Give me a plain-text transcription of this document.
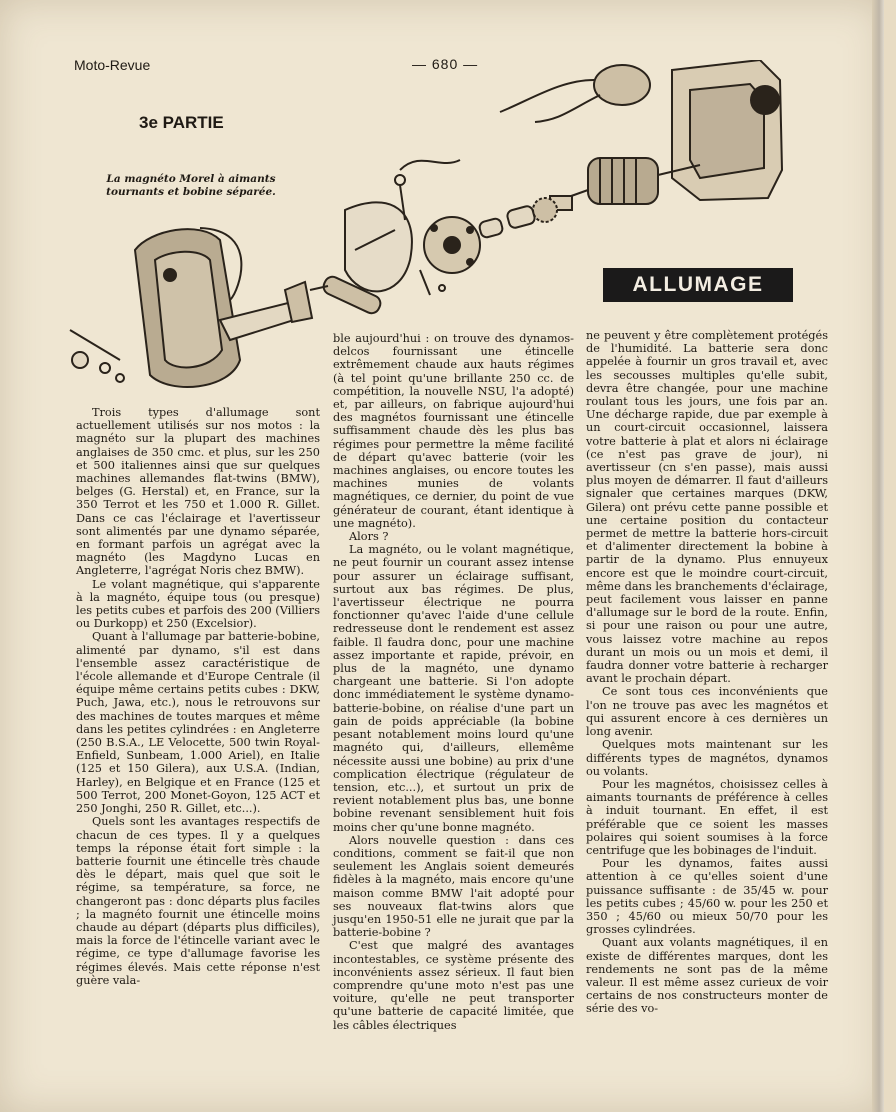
Moto-Revue	— 680 —
3e PARTIE
La magnéto Morel à aimants tournants et bobine séparée.
ALLUMAGE

Trois types d'allumage sont actuellement utilisés sur nos motos : la magnéto sur la plupart des machines anglaises de 350 cmc. et plus, sur les 250 et 500 italiennes ainsi que sur quelques machines allemandes flat-twins (BMW), belges (G. Herstal) et, en France, sur la 350 Terrot et les 750 et 1.000 R. Gillet. Dans ce cas l'éclairage et l'avertisseur sont alimentés par une dynamo séparée, en formant parfois un agrégat avec la magnéto (les Magdyno Lucas en Angleterre, l'agrégat Noris chez BMW).

Le volant magnétique, qui s'apparente à la magnéto, équipe tous (ou presque) les petits cubes et parfois des 200 (Villiers ou Durkopp) et 250 (Excelsior).

Quant à l'allumage par batterie-bobine, alimenté par dynamo, s'il est dans l'ensemble assez caractéristique de l'école allemande et d'Europe Centrale (il équipe même certains petits cubes : DKW, Puch, Jawa, etc.), nous le retrouvons sur des machines de toutes marques et même dans les petites cylindrées : en Angleterre (250 B.S.A., LE Velocette, 500 twin Royal-Enfield, Sunbeam, 1.000 Ariel), en Italie (125 et 150 Gilera), aux U.S.A. (Indian, Harley), en Belgique et en France (125 et 500 Terrot, 200 Monet-Goyon, 125 ACT et 250 Jonghi, 250 R. Gillet, etc...).

Quels sont les avantages respectifs de chacun de ces types. Il y a quelques temps la réponse était fort simple : la batterie fournit une étincelle très chaude dès le départ, mais quel que soit le régime, sa température, sa force, ne changeront pas : donc départs plus faciles ; la magnéto fournit une étincelle moins chaude au départ (départs plus difficiles), mais la force de l'étincelle variant avec le régime, ce type d'allumage favorise les régimes élevés. Mais cette réponse n'est guère vala-

ble aujourd'hui : on trouve des dynamos-delcos fournissant une étincelle extrêmement chaude aux hauts régimes (à tel point qu'une brillante 250 cc. de compétition, la nouvelle NSU, l'a adopté) et, par ailleurs, on fabrique aujourd'hui des magnétos fournissant une étincelle suffisamment chaude dès les plus bas régimes pour permettre la même facilité de départ qu'avec batterie (voir les machines anglaises, ou encore toutes les machines munies de volants magnétiques, ce dernier, du point de vue générateur de courant, étant identique à une magnéto).

Alors ?

La magnéto, ou le volant magnétique, ne peut fournir un courant assez intense pour assurer un éclairage suffisant, surtout aux bas régimes. De plus, l'avertisseur électrique ne pourra fonctionner qu'avec l'aide d'une cellule redresseuse dont le rendement est assez faible. Il faudra donc, pour une machine assez importante et rapide, prévoir, en plus de la magnéto, une dynamo chargeant une batterie. Si l'on adopte donc immédiatement le système dynamo-batterie-bobine, on réalise d'une part un gain de poids appréciable (la bobine pesant notablement moins lourd qu'une magnéto qui, d'ailleurs, ellemême nécessite aussi une bobine) au prix d'une complication électrique (régulateur de tension, etc...), et surtout un prix de revient notablement plus bas, une bonne bobine revenant sensiblement huit fois moins cher qu'une bonne magnéto.

Alors nouvelle question : dans ces conditions, comment se fait-il que non seulement les Anglais soient demeurés fidèles à la magnéto, mais encore qu'une maison comme BMW l'ait adopté pour ses nouveaux flat-twins alors que jusqu'en 1950-51 elle ne jurait que par la batterie-bobine ?

C'est que malgré des avantages incontestables, ce système présente des inconvénients assez sérieux. Il faut bien comprendre qu'une moto n'est pas une voiture, qu'elle ne peut transporter qu'une batterie de capacité limitée, que les câbles électriques

ne peuvent y être complètement protégés de l'humidité. La batterie sera donc appelée à fournir un gros travail et, avec les secousses multiples qu'elle subit, devra être changée, pour une machine roulant tous les jours, une fois par an. Une décharge rapide, due par exemple à un court-circuit occasionnel, laissera votre batterie à plat et alors ni éclairage (ce n'est pas grave de jour), ni avertisseur (cn s'en passe), mais aussi plus moyen de démarrer. Il faut d'ailleurs signaler que certaines marques (DKW, Gilera) ont prévu cette panne possible et une certaine position du contacteur permet de mettre la batterie hors-circuit et d'alimenter directement la bobine à partir de la dynamo. Plus ennuyeux encore est que le moindre court-circuit, même dans les branchements d'éclairage, peut facilement vous laisser en panne d'allumage sur le bord de la route. Enfin, si pour une raison ou pour une autre, vous laissez votre machine au repos durant un mois ou un mois et demi, il faudra donner votre batterie à recharger avant le prochain départ.

Ce sont tous ces inconvénients que l'on ne trouve pas avec les magnétos et qui assurent encore à ces dernières un long avenir.

Quelques mots maintenant sur les différents types de magnétos, dynamos ou volants.

Pour les magnétos, choisissez celles à aimants tournants de préférence à celles à induit tournant. En effet, il est préférable que ce soient les masses polaires qui soient soumises à la force centrifuge que les bobinages de l'induit.

Pour les dynamos, faites aussi attention à ce qu'elles soient d'une puissance suffisante : de 35/45 w. pour les petits cubes ; 45/60 w. pour les 250 et 350 ; 45/60 ou mieux 50/70 pour les grosses cylindrées.

Quant aux volants magnétiques, il en existe de différentes marques, dont les rendements ne sont pas de la même valeur. Il est même assez curieux de voir certains de nos constructeurs monter de série des vo-
